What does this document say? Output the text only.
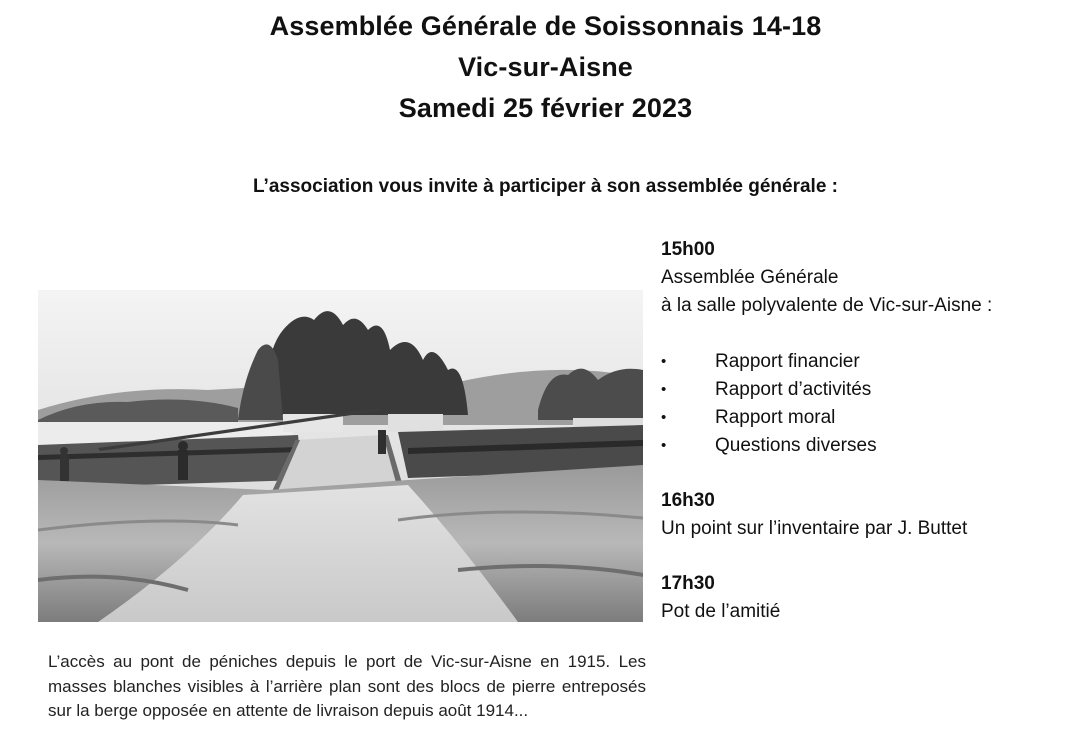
Assemblée Générale de Soissonnais 14-18
Vic-sur-Aisne
Samedi 25 février 2023
L’association vous invite à participer à son assemblée générale :

L’accès au pont de péniches depuis le port de Vic-sur-Aisne en 1915. Les masses blanches visibles à l’arrière plan sont des blocs de pierre entreposés sur la berge opposée en attente de livraison depuis août 1914...

15h00
Assemblée Générale
à la salle polyvalente de Vic-sur-Aisne :
•	Rapport financier
•	Rapport d’activités
•	Rapport moral
•	Questions diverses
16h30
Un point sur l’inventaire par J. Buttet
17h30
Pot de l’amitié
